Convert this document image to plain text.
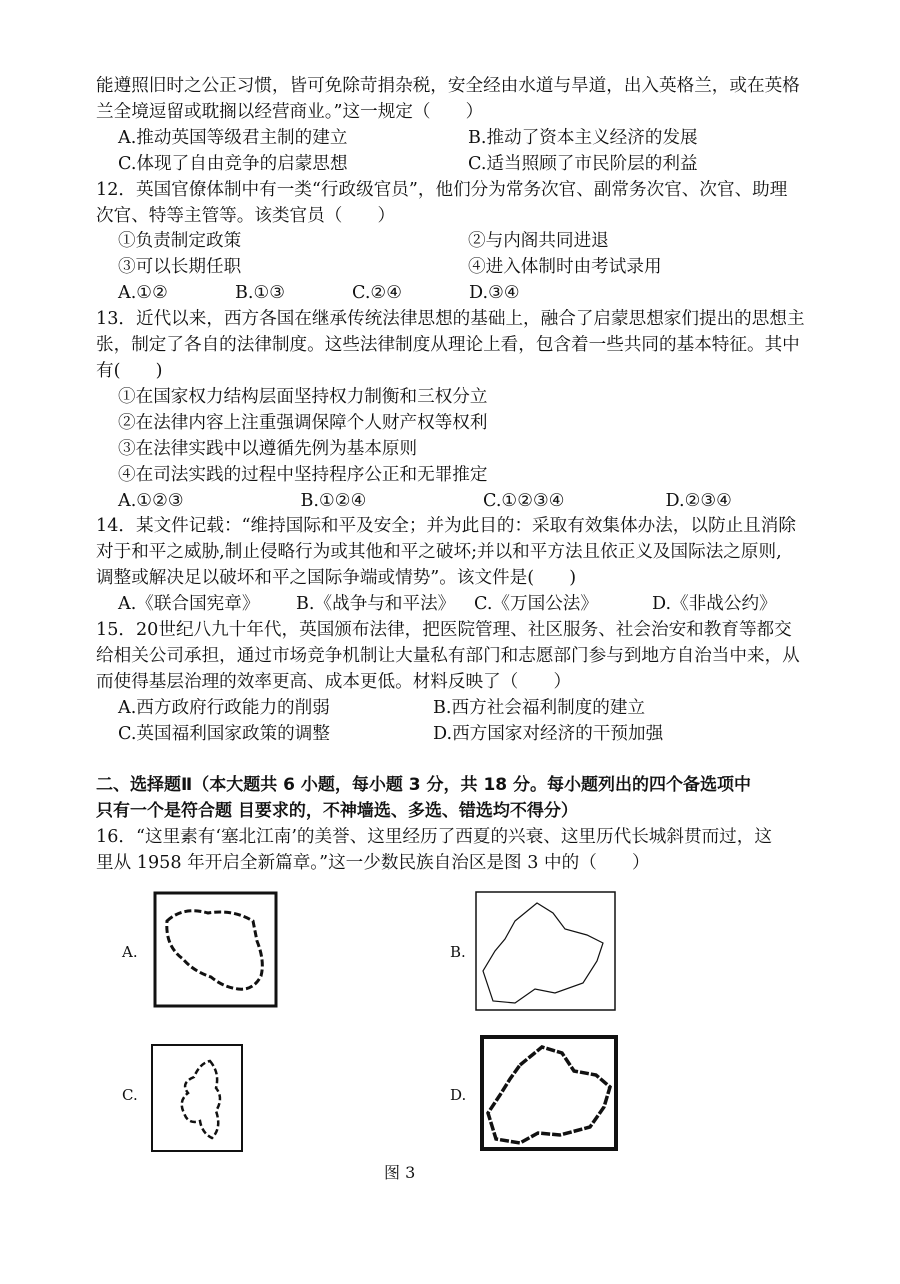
能遵照旧时之公正习惯，皆可免除苛捐杂税，安全经由水道与旱道，出入英格兰，或在英格

兰全境逗留或耽搁以经营商业。”这一规定（　　）

A.推动英国等级君主制的建立	B.推动了资本主义经济的发展
C.体现了自由竞争的启蒙思想	C.适当照顾了市民阶层的利益

12．英国官僚体制中有一类“行政级官员”，他们分为常务次官、副常务次官、次官、助理

次官、特等主管等。该类官员（　　）

①负责制定政策	②与内阁共同进退
③可以长期任职	④进入体制时由考试录用
A.①②	B.①③	C.②④	D.③④

13．近代以来，西方各国在继承传统法律思想的基础上，融合了启蒙思想家们提出的思想主

张，制定了各自的法律制度。这些法律制度从理论上看，包含着一些共同的基本特征。其中

有(　　)

①在国家权力结构层面坚持权力制衡和三权分立
②在法律内容上注重强调保障个人财产权等权利
③在法律实践中以遵循先例为基本原则
④在司法实践的过程中坚持程序公正和无罪推定
A.①②③	B.①②④	C.①②③④	D.②③④

14．某文件记载：“维持国际和平及安全；并为此目的：采取有效集体办法，以防止且消除

对于和平之威胁,制止侵略行为或其他和平之破坏;并以和平方法且依正义及国际法之原则,

调整或解决足以破坏和平之国际争端或情势”。该文件是(　　)

A.《联合国宪章》	B.《战争与和平法》	C.《万国公法》	D.《非战公约》

15．20世纪八九十年代，英国颁布法律，把医院管理、社区服务、社会治安和教育等都交

给相关公司承担，通过市场竞争机制让大量私有部门和志愿部门参与到地方自治当中来，从

而使得基层治理的效率更高、成本更低。材料反映了（　　）

A.西方政府行政能力的削弱	B.西方社会福利制度的建立
C.英国福利国家政策的调整	D.西方国家对经济的干预加强

二、选择题Ⅱ（本大题共 6 小题，每小题 3 分，共 18 分。每小题列出的四个备选项中

只有一个是符合题 目要求的，不神墙选、多选、错选均不得分）

16．“这里素有‘塞北江南’的美誉、这里经历了西夏的兴衰、这里历代长城斜贯而过，这

里从 1958 年开启全新篇章。”这一少数民族自治区是图 3 中的（　　）

A.	B.
C.	D.
图 3
